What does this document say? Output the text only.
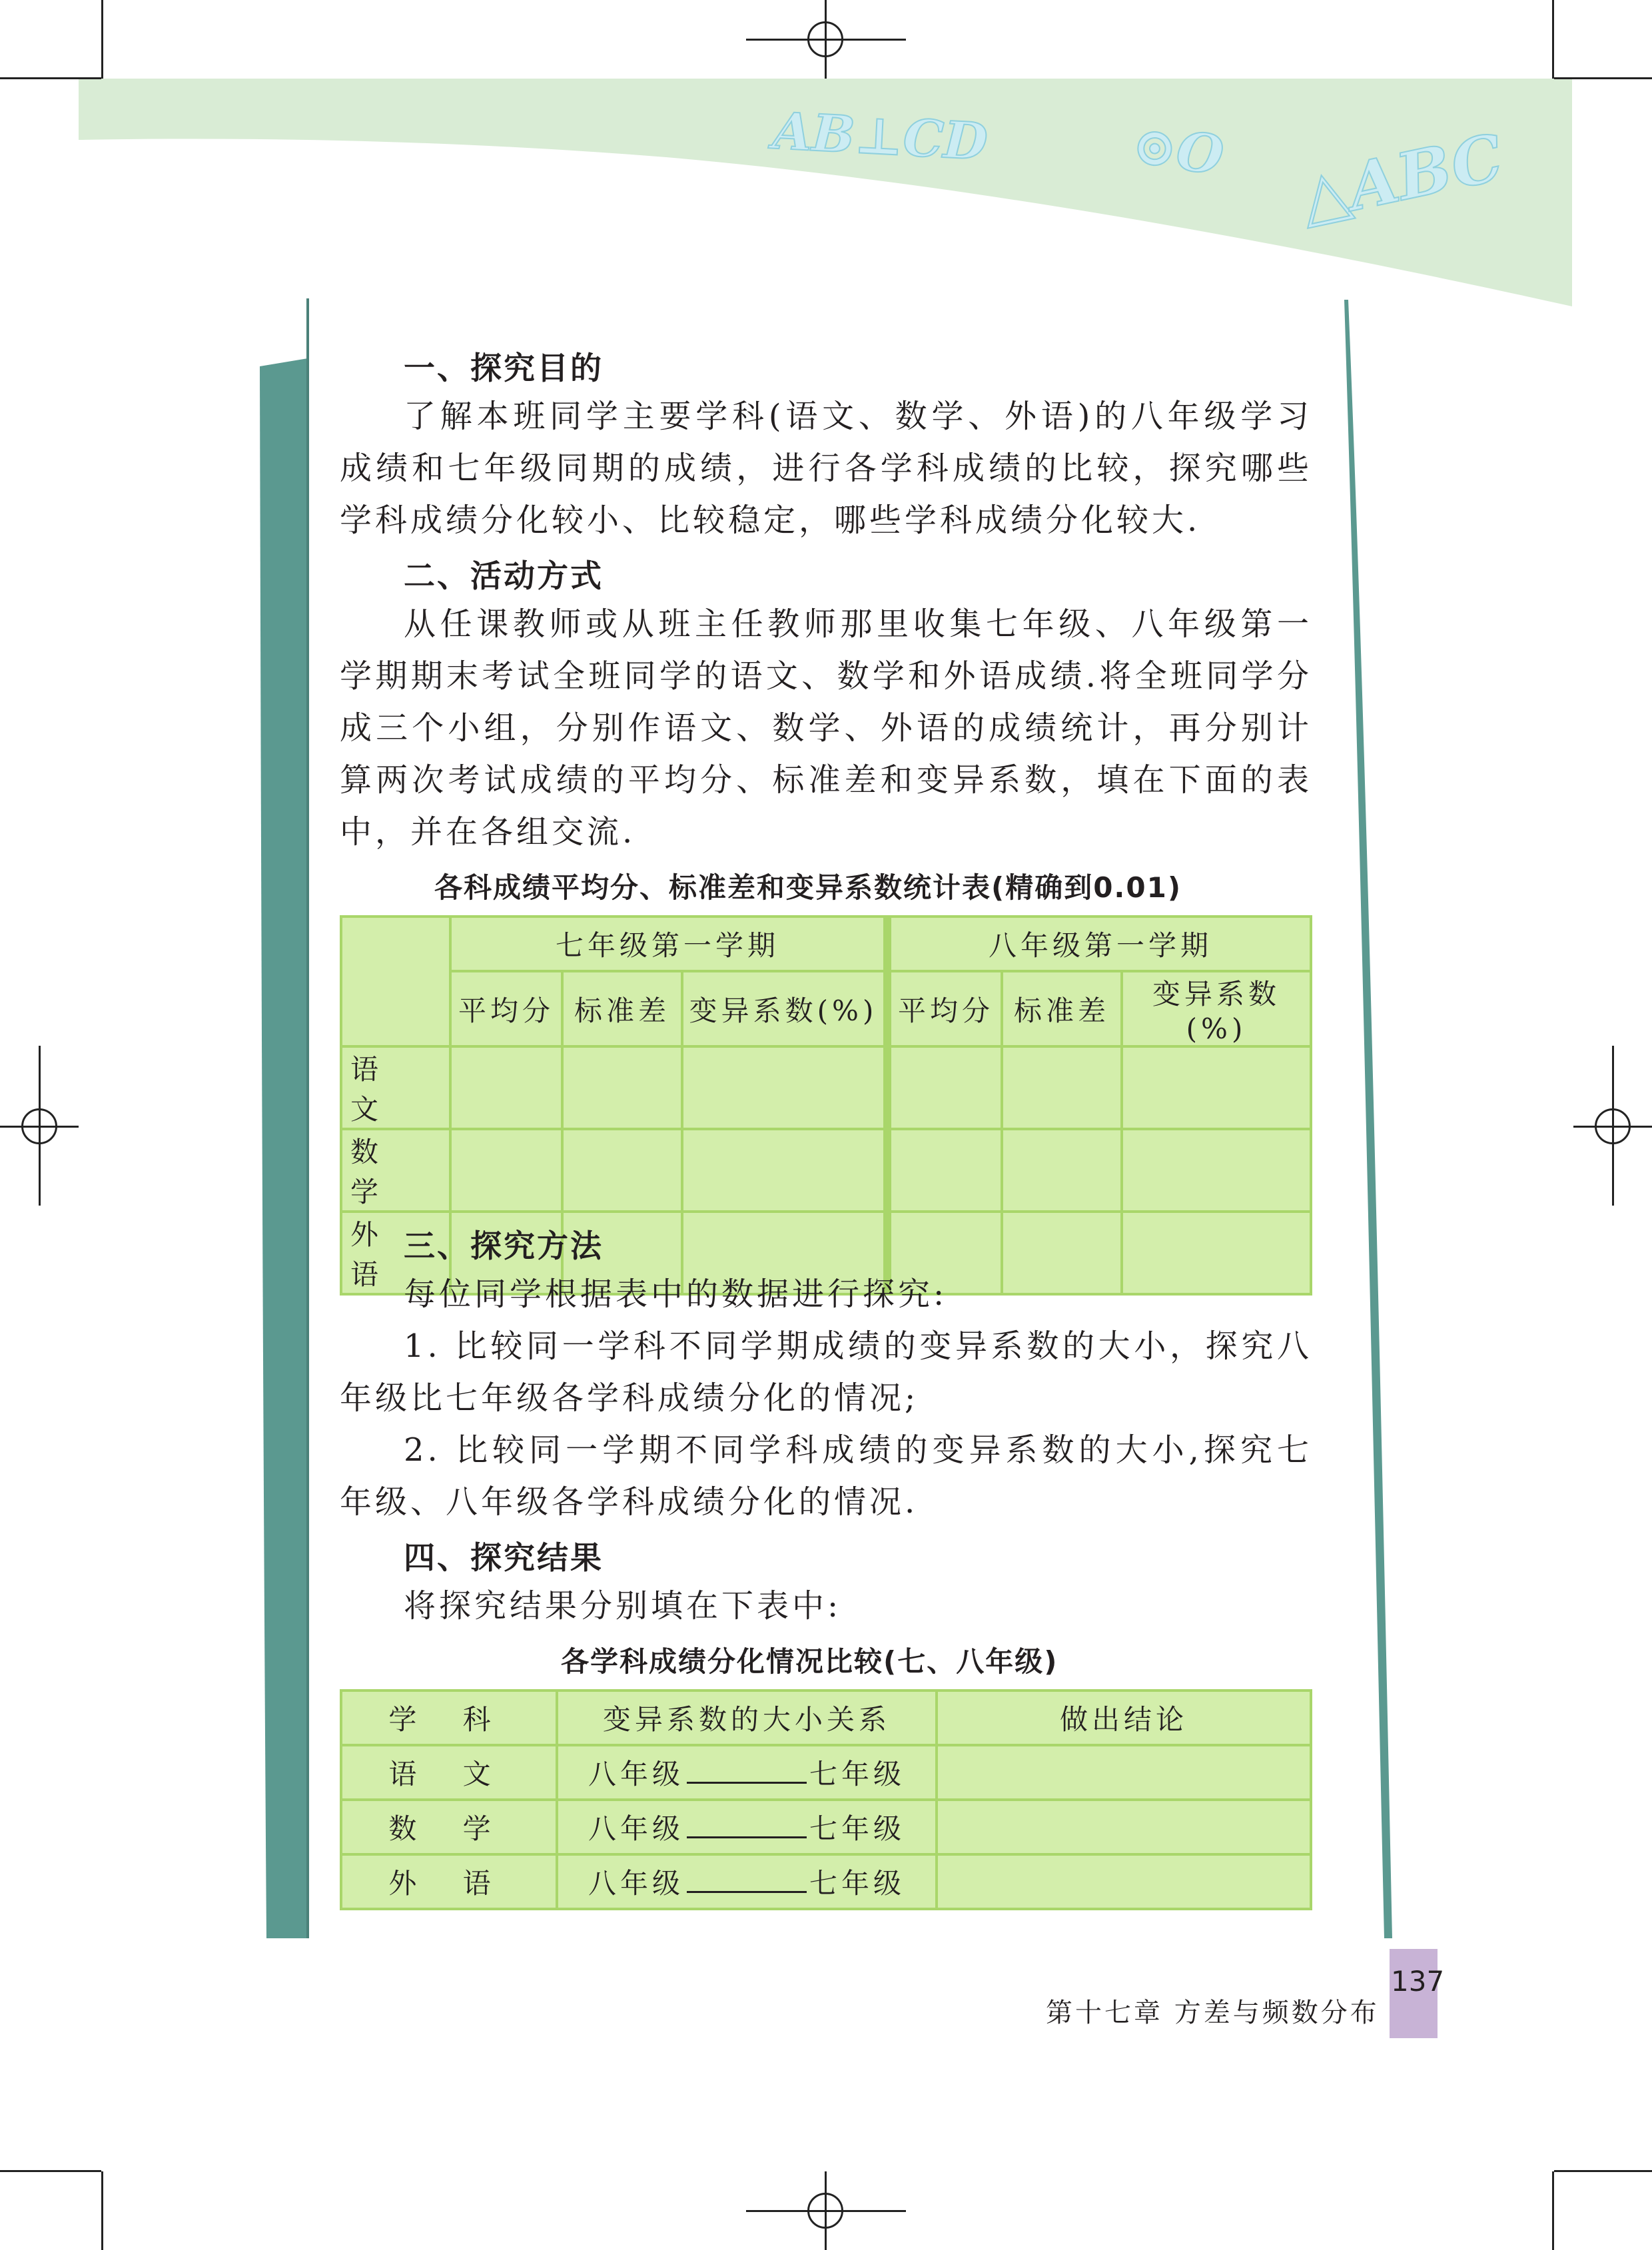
AB⊥CD	⊙O △ABC
一、探究目的
了解本班同学主要学科(语文、数学、外语)的八年级学习成绩和七年级同期的成绩，进行各学科成绩的比较，探究哪些学科成绩分化较小、比较稳定，哪些学科成绩分化较大.
二、活动方式
从任课教师或从班主任教师那里收集七年级、八年级第一学期期末考试全班同学的语文、数学和外语成绩.将全班同学分成三个小组，分别作语文、数学、外语的成绩统计，再分别计算两次考试成绩的平均分、标准差和变异系数，填在下面的表中，并在各组交流.
各科成绩平均分、标准差和变异系数统计表(精确到0.01)
	七年级第一学期			八年级第一学期		
	平均分	标准差	变异系数(%)	平均分	标准差	变异系数(%)
语 文						
数 学						
外 语						
三、探究方法
每位同学根据表中的数据进行探究:
1. 比较同一学科不同学期成绩的变异系数的大小，探究八年级比七年级各学科成绩分化的情况;
2. 比较同一学期不同学科成绩的变异系数的大小,探究七年级、八年级各学科成绩分化的情况.
四、探究结果
将探究结果分别填在下表中:
各学科成绩分化情况比较(七、八年级)
学 科	变异系数的大小关系	做出结论
语 文	八年级 七年级	
数 学	八年级 七年级	
外 语	八年级 七年级	
第十七章 方差与频数分布
137
